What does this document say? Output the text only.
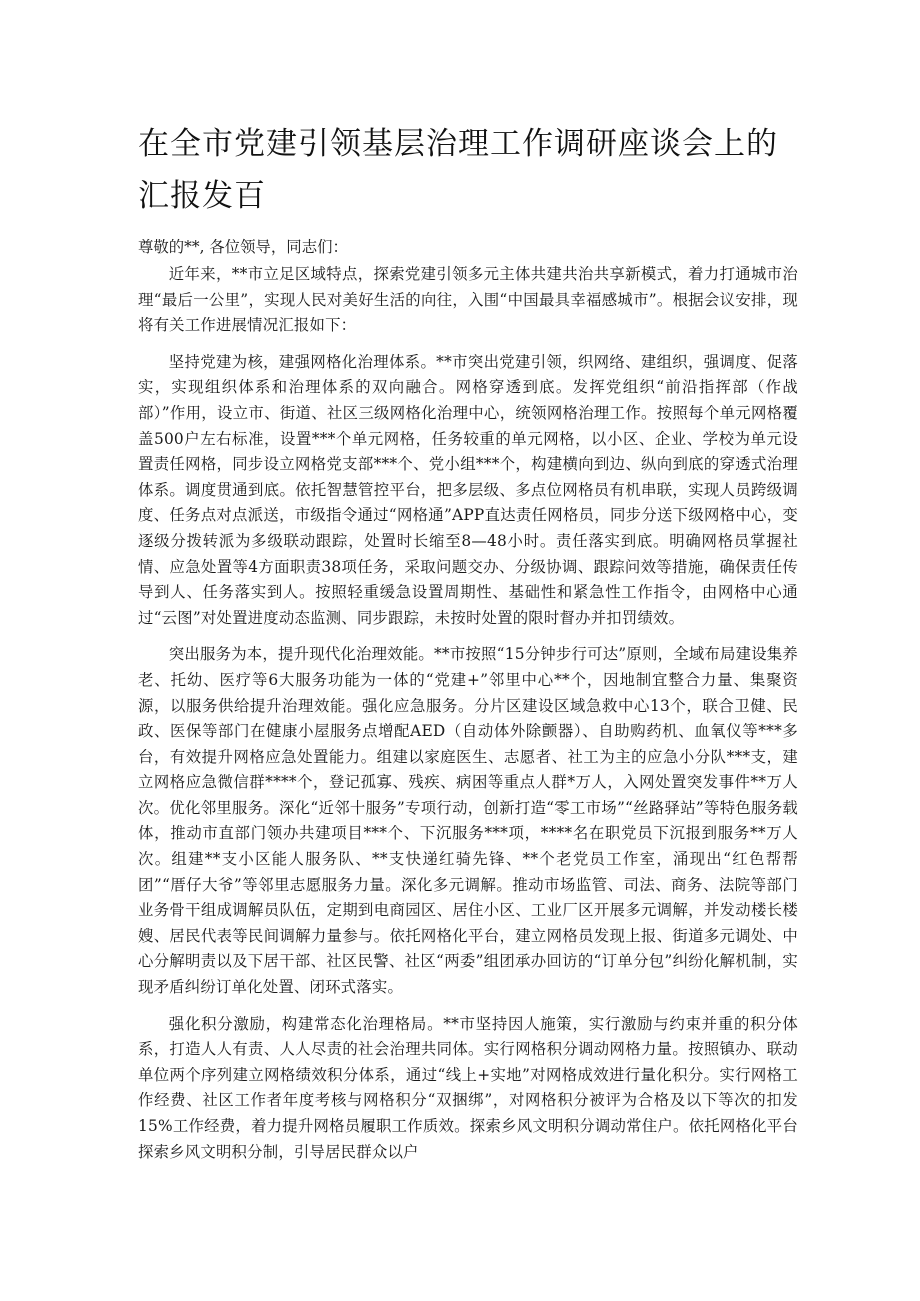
在全市党建引领基层治理工作调研座谈会上的汇报发百

尊敬的**, 各位领导，同志们：

近年来，**市立足区域特点，探索党建引领多元主体共建共治共享新模式，着力打通城市治理“最后一公里”，实现人民对美好生活的向往，入围“中国最具幸福感城市”。根据会议安排，现将有关工作进展情况汇报如下：

坚持党建为核，建强网格化治理体系。**市突出党建引领，织网络、建组织，强调度、促落实，实现组织体系和治理体系的双向融合。网格穿透到底。发挥党组织“前沿指挥部（作战部）”作用，设立市、街道、社区三级网格化治理中心，统领网格治理工作。按照每个单元网格覆盖500户左右标准，设置***个单元网格，任务较重的单元网格，以小区、企业、学校为单元设置责任网格，同步设立网格党支部***个、党小组***个，构建横向到边、纵向到底的穿透式治理体系。调度贯通到底。依托智慧管控平台，把多层级、多点位网格员有机串联，实现人员跨级调度、任务点对点派送，市级指令通过“网格通”APP直达责任网格员，同步分送下级网格中心，变逐级分拨转派为多级联动跟踪，处置时长缩至8—48小时。责任落实到底。明确网格员掌握社情、应急处置等4方面职责38项任务，采取问题交办、分级协调、跟踪问效等措施，确保责任传导到人、任务落实到人。按照轻重缓急设置周期性、基础性和紧急性工作指令，由网格中心通过“云图”对处置进度动态监测、同步跟踪，未按时处置的限时督办并扣罚绩效。

突出服务为本，提升现代化治理效能。**市按照“15分钟步行可达”原则，全域布局建设集养老、托幼、医疗等6大服务功能为一体的“党建+”邻里中心**个，因地制宜整合力量、集聚资源，以服务供给提升治理效能。强化应急服务。分片区建设区域急救中心13个，联合卫健、民政、医保等部门在健康小屋服务点增配AED（自动体外除颤器）、自助购药机、血氧仪等***多台，有效提升网格应急处置能力。组建以家庭医生、志愿者、社工为主的应急小分队***支，建立网格应急微信群****个，登记孤寡、残疾、病困等重点人群*万人，入网处置突发事件**万人次。优化邻里服务。深化“近邻十服务”专项行动，创新打造“零工市场”“丝路驿站”等特色服务载体，推动市直部门领办共建项目***个、下沉服务***项，****名在职党员下沉报到服务**万人次。组建**支小区能人服务队、**支快递红骑先锋、**个老党员工作室，涌现出“红色帮帮团”“厝仔大爷”等邻里志愿服务力量。深化多元调解。推动市场监管、司法、商务、法院等部门业务骨干组成调解员队伍，定期到电商园区、居住小区、工业厂区开展多元调解，并发动楼长楼嫂、居民代表等民间调解力量参与。依托网格化平台，建立网格员发现上报、街道多元调处、中心分解明责以及下居干部、社区民警、社区“两委”组团承办回访的“订单分包”纠纷化解机制，实现矛盾纠纷订单化处置、闭环式落实。

强化积分激励，构建常态化治理格局。**市坚持因人施策，实行激励与约束并重的积分体系，打造人人有责、人人尽责的社会治理共同体。实行网格积分调动网格力量。按照镇办、联动单位两个序列建立网格绩效积分体系，通过“线上+实地”对网格成效进行量化积分。实行网格工作经费、社区工作者年度考核与网格积分“双捆绑”，对网格积分被评为合格及以下等次的扣发15%工作经费，着力提升网格员履职工作质效。探索乡风文明积分调动常住户。依托网格化平台探索乡风文明积分制，引导居民群众以户
